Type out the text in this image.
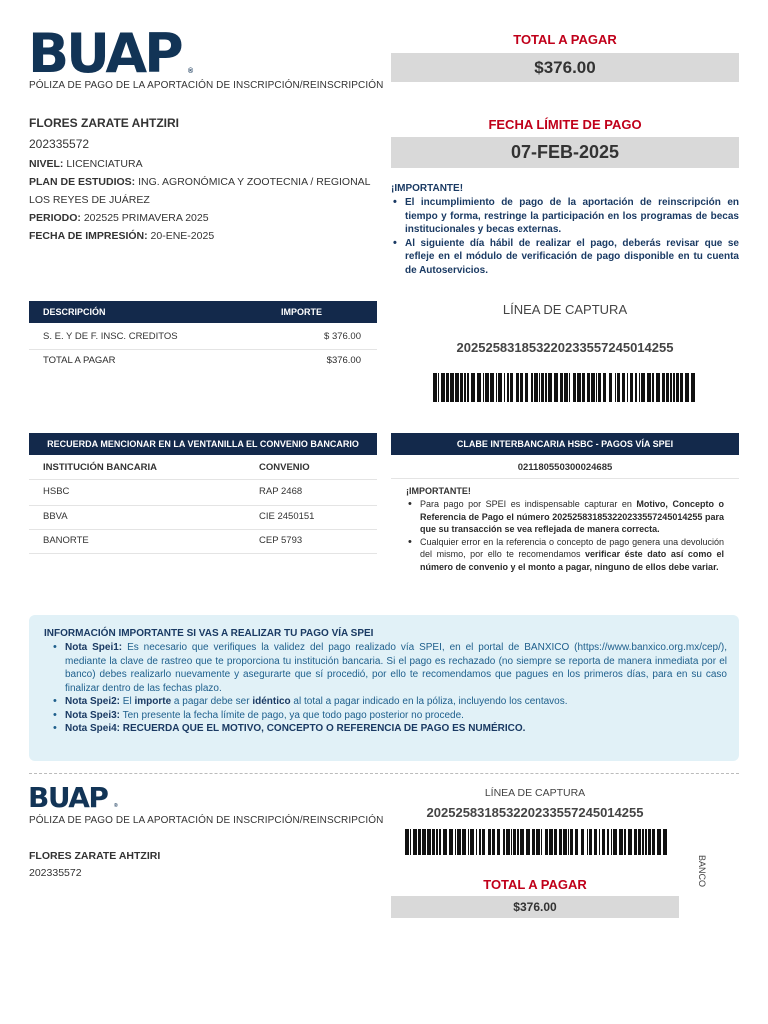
BUAP ®
PÓLIZA DE PAGO DE LA APORTACIÓN DE INSCRIPCIÓN/REINSCRIPCIÓN
TOTAL A PAGAR
$376.00
FLORES ZARATE AHTZIRI
202335572
NIVEL: LICENCIATURA
PLAN DE ESTUDIOS: ING. AGRONÓMICA Y ZOOTECNIA / REGIONAL LOS REYES DE JUÁREZ
PERIODO: 202525 PRIMAVERA 2025
FECHA DE IMPRESIÓN: 20-ENE-2025
FECHA LÍMITE DE PAGO
07-FEB-2025
¡IMPORTANTE!
• El incumplimiento de pago de la aportación de reinscripción en tiempo y forma, restringe la participación en los programas de becas institucionales y becas externas.
• Al siguiente día hábil de realizar el pago, deberás revisar que se refleje en el módulo de verificación de pago disponible en tu cuenta de Autoservicios.
DESCRIPCIÓN	IMPORTE
S. E. Y DE F. INSC. CREDITOS	$ 376.00
TOTAL A PAGAR	$376.00
LÍNEA DE CAPTURA
202525831853220233557245014255
RECUERDA MENCIONAR EN LA VENTANILLA EL CONVENIO BANCARIO
INSTITUCIÓN BANCARIA	CONVENIO
HSBC	RAP 2468
BBVA	CIE 2450151
BANORTE	CEP 5793
CLABE INTERBANCARIA HSBC - PAGOS VÍA SPEI
021180550300024685
¡IMPORTANTE!
• Para pago por SPEI es indispensable capturar en Motivo, Concepto o Referencia de Pago el número 202525831853220233557245014255 para que su transacción se vea reflejada de manera correcta.
• Cualquier error en la referencia o concepto de pago genera una devolución del mismo, por ello te recomendamos verificar éste dato así como el número de convenio y el monto a pagar, ninguno de ellos debe variar.
INFORMACIÓN IMPORTANTE SI VAS A REALIZAR TU PAGO VÍA SPEI
• Nota Spei1: Es necesario que verifiques la validez del pago realizado vía SPEI, en el portal de BANXICO (https://www.banxico.org.mx/cep/), mediante la clave de rastreo que te proporciona tu institución bancaria. Si el pago es rechazado (no siempre se reporta de manera inmediata por el banco) debes realizarlo nuevamente y asegurarte que sí procedió, por ello te recomendamos que pagues en los primeros días, para en su caso finalizar dentro de las fechas plazo.
• Nota Spei2: El importe a pagar debe ser idéntico al total a pagar indicado en la póliza, incluyendo los centavos.
• Nota Spei3: Ten presente la fecha límite de pago, ya que todo pago posterior no procede.
• Nota Spei4: RECUERDA QUE EL MOTIVO, CONCEPTO O REFERENCIA DE PAGO ES NUMÉRICO.
BUAP ®
PÓLIZA DE PAGO DE LA APORTACIÓN DE INSCRIPCIÓN/REINSCRIPCIÓN
FLORES ZARATE AHTZIRI
202335572
LÍNEA DE CAPTURA
202525831853220233557245014255
TOTAL A PAGAR
$376.00
BANCO
